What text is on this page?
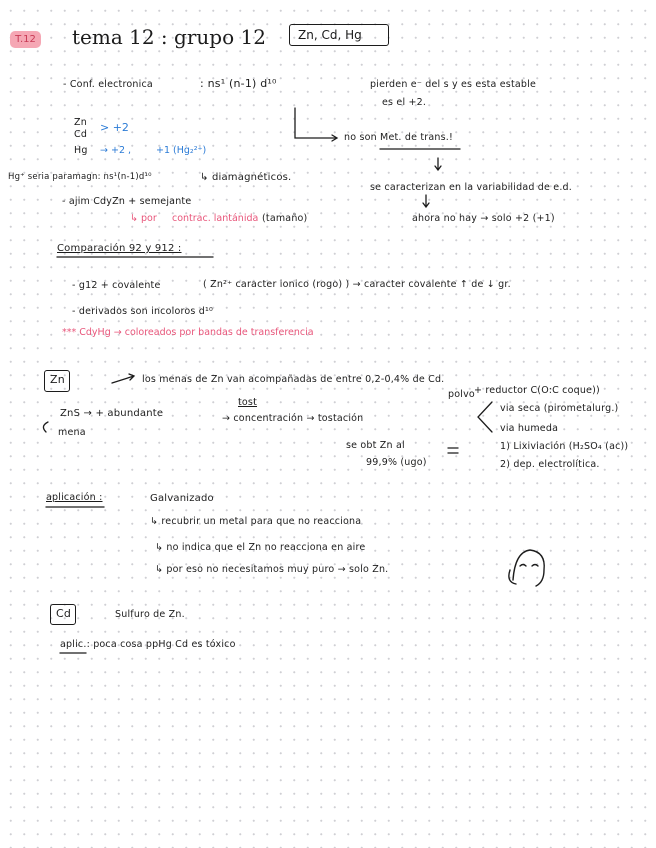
T.12 tema 12 : grupo 12	Zn, Cd, Hg
- Conf. electronica	: ns¹ (n-1) d¹⁰	pierden e⁻ del s y es esta estable
es el +2.
Zn
Cd
Hg
> +2
→ +2 ,	+1 (Hg₂²⁺)
no son Met. de trans.!
Hg⁺ seria paramagn: ns¹(n-1)d¹⁰	↳ diamagnéticos.
se caracterizan en la variabilidad de e.d.
- ajim CdyZn + semejante
↳ por contrac. lantánida (tamaño)	ahora no hay → solo +2 (+1)
Comparación 92 y 912 :
- g12 + covalente	( Zn²⁺ caracter ionico (rogo) ) → caracter covalente ↑ de ↓ gr.
- derivados son incoloros d¹⁰
*** CdyHg → coloreados por bandas de transferencia
Zn	los menas de Zn van acompañadas de entre 0,2-0,4% de Cd.
polvo + reductor C(O:C coque))
ZnS → + abundante
mena
tost
→ concentración → tostación
via seca (pirometalurg.)
via humeda
se obt Zn al
99,9% (ugo)
1) Lixiviación (H₂SO₄ (ac))
2) dep. electrolítica.
aplicación :	Galvanizado
↳ recubrir un metal para que no reacciona
↳ no indica que el Zn no reacciona en aire
↳ por eso no necesitamos muy puro → solo Zn.
Cd	Sulfuro de Zn.
aplic.: poca cosa ppHg Cd es tóxico
